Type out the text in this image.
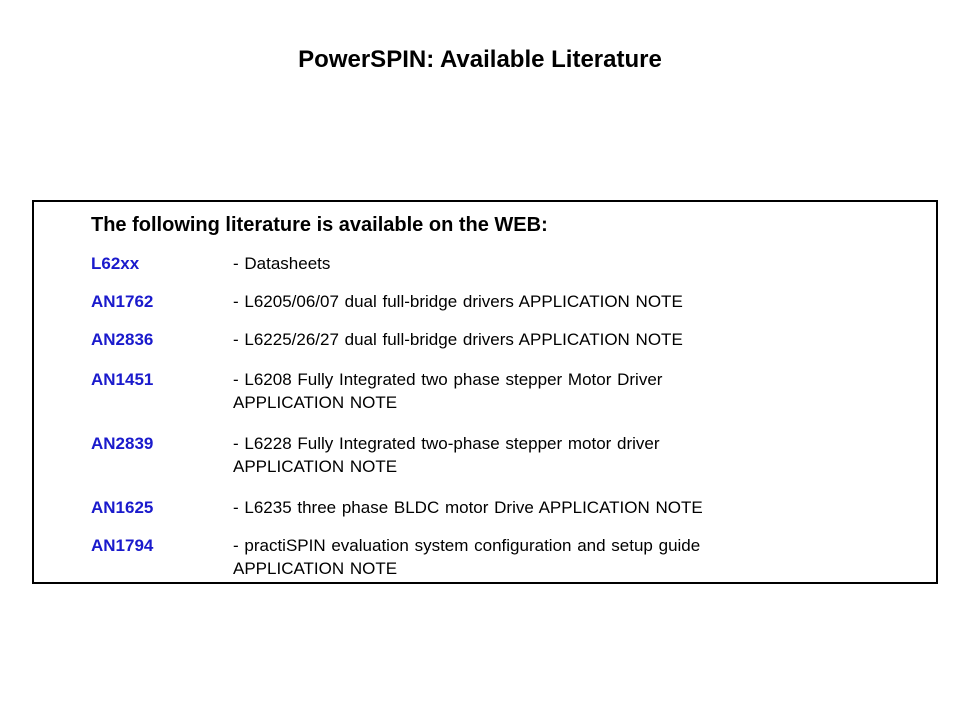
PowerSPIN: Available Literature
The following literature is available on the WEB:
L62xx	- Datasheets
AN1762	- L6205/06/07 dual full-bridge drivers APPLICATION NOTE
AN2836	- L6225/26/27 dual full-bridge drivers APPLICATION NOTE
AN1451	- L6208 Fully Integrated two phase stepper Motor Driver
APPLICATION NOTE
AN2839	- L6228 Fully Integrated two-phase stepper motor driver
APPLICATION NOTE
AN1625	- L6235 three phase BLDC motor Drive APPLICATION NOTE
AN1794	- practiSPIN evaluation system configuration and setup guide
APPLICATION NOTE
